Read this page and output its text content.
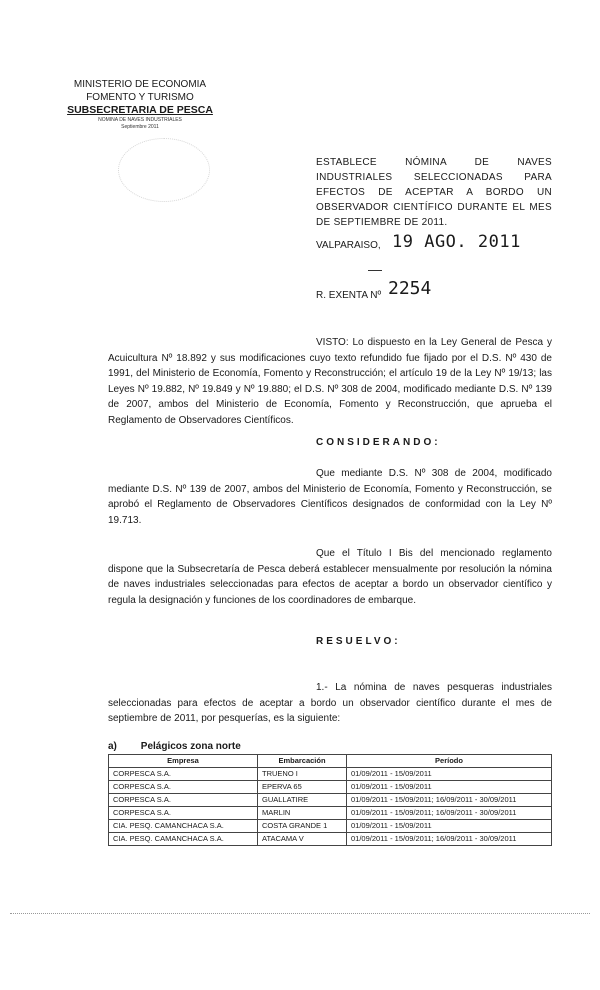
MINISTERIO DE ECONOMIA
FOMENTO Y TURISMO
SUBSECRETARIA DE PESCA
NOMINA DE NAVES INDUSTRIALES
Septiembre 2011
ESTABLECE NÓMINA DE NAVES INDUSTRIALES SELECCIONADAS PARA EFECTOS DE ACEPTAR A BORDO UN OBSERVADOR CIENTÍFICO DURANTE EL MES DE SEPTIEMBRE DE 2011.
VALPARAISO, 19 AGO. 2011
R. EXENTA Nº 2254
VISTO: Lo dispuesto en la Ley General de Pesca y Acuicultura Nº 18.892 y sus modificaciones cuyo texto refundido fue fijado por el D.S. Nº 430 de 1991, del Ministerio de Economía, Fomento y Reconstrucción; el artículo 19 de la Ley Nº 19/13; las Leyes Nº 19.882, Nº 19.849 y Nº 19.880; el D.S. Nº 308 de 2004, modificado mediante D.S. Nº 139 de 2007, ambos del Ministerio de Economía, Fomento y Reconstrucción, que aprueba el Reglamento de Observadores Científicos.
CONSIDERANDO:
Que mediante D.S. Nº 308 de 2004, modificado mediante D.S. Nº 139 de 2007, ambos del Ministerio de Economía, Fomento y Reconstrucción, se aprobó el Reglamento de Observadores Científicos designados de conformidad con la Ley Nº 19.713.
Que el Título I Bis del mencionado reglamento dispone que la Subsecretaría de Pesca deberá establecer mensualmente por resolución la nómina de naves industriales seleccionadas para efectos de aceptar a bordo un observador científico y regula la designación y funciones de los coordinadores de embarque.
RESUELVO:
1.- La nómina de naves pesqueras industriales seleccionadas para efectos de aceptar a bordo un observador científico durante el mes de septiembre de 2011, por pesquerías, es la siguiente:
a) Pelágicos zona norte
Empresa	Embarcación	Período
CORPESCA S.A.	TRUENO I	01/09/2011 - 15/09/2011
CORPESCA S.A.	EPERVA 65	01/09/2011 - 15/09/2011
CORPESCA S.A.	GUALLATIRE	01/09/2011 - 15/09/2011; 16/09/2011 - 30/09/2011
CORPESCA S.A.	MARLIN	01/09/2011 - 15/09/2011; 16/09/2011 - 30/09/2011
CIA. PESQ. CAMANCHACA S.A.	COSTA GRANDE 1	01/09/2011 - 15/09/2011
CIA. PESQ. CAMANCHACA S.A.	ATACAMA V	01/09/2011 - 15/09/2011; 16/09/2011 - 30/09/2011
